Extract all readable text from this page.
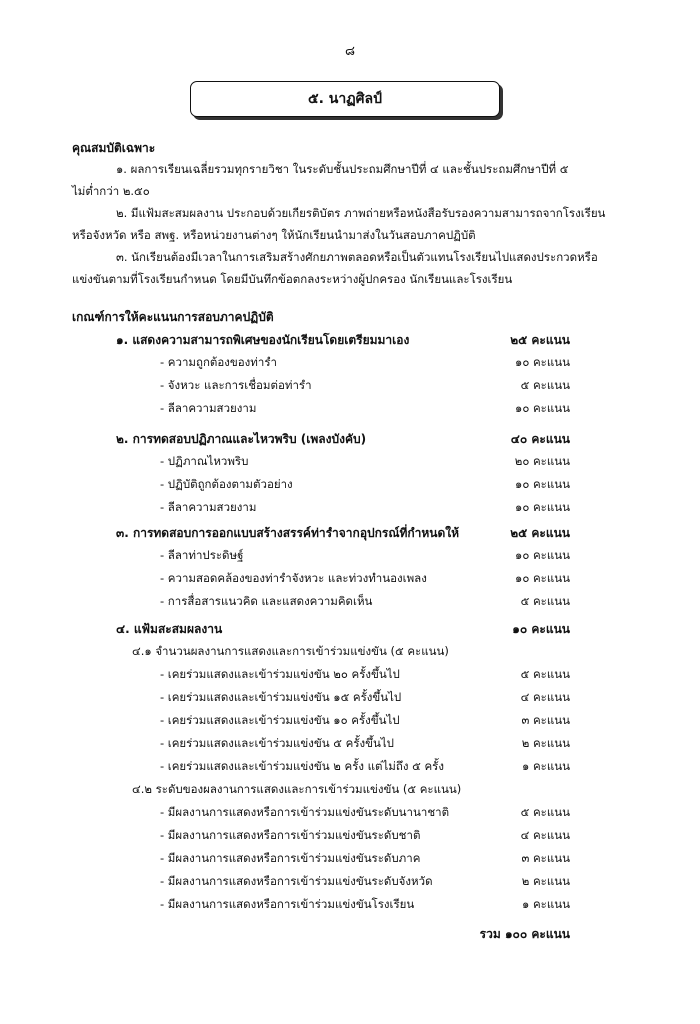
๘
๕. นาฏศิลป์
คุณสมบัติเฉพาะ
๑. ผลการเรียนเฉลี่ยรวมทุกรายวิชา ในระดับชั้นประถมศึกษาปีที่ ๔ และชั้นประถมศึกษาปีที่ ๕
ไม่ต่ำกว่า ๒.๕๐
๒. มีแฟ้มสะสมผลงาน ประกอบด้วยเกียรติบัตร ภาพถ่ายหรือหนังสือรับรองความสามารถจากโรงเรียน
หรือจังหวัด หรือ สพฐ. หรือหน่วยงานต่างๆ ให้นักเรียนนำมาส่งในวันสอบภาคปฏิบัติ
๓. นักเรียนต้องมีเวลาในการเสริมสร้างศักยภาพตลอดหรือเป็นตัวแทนโรงเรียนไปแสดงประกวดหรือ
แข่งขันตามที่โรงเรียนกำหนด โดยมีบันทึกข้อตกลงระหว่างผู้ปกครอง นักเรียนและโรงเรียน
เกณฑ์การให้คะแนนการสอบภาคปฏิบัติ
๑. แสดงความสามารถพิเศษของนักเรียนโดยเตรียมมาเอง	๒๕ คะแนน
- ความถูกต้องของท่ารำ	๑๐ คะแนน
- จังหวะ และการเชื่อมต่อท่ารำ	๕ คะแนน
- ลีลาความสวยงาม	๑๐ คะแนน
๒. การทดสอบปฏิภาณและไหวพริบ (เพลงบังคับ)	๔๐ คะแนน
- ปฏิภาณไหวพริบ	๒๐ คะแนน
- ปฏิบัติถูกต้องตามตัวอย่าง	๑๐ คะแนน
- ลีลาความสวยงาม	๑๐ คะแนน
๓. การทดสอบการออกแบบสร้างสรรค์ท่ารำจากอุปกรณ์ที่กำหนดให้	๒๕ คะแนน
- ลีลาท่าประดิษฐ์	๑๐ คะแนน
- ความสอดคล้องของท่ารำจังหวะ และท่วงทำนองเพลง	๑๐ คะแนน
- การสื่อสารแนวคิด และแสดงความคิดเห็น	๕ คะแนน
๔. แฟ้มสะสมผลงาน	๑๐ คะแนน
๔.๑ จำนวนผลงานการแสดงและการเข้าร่วมแข่งขัน (๕ คะแนน)
- เคยร่วมแสดงและเข้าร่วมแข่งขัน ๒๐ ครั้งขึ้นไป	๕ คะแนน
- เคยร่วมแสดงและเข้าร่วมแข่งขัน ๑๕ ครั้งขึ้นไป	๔ คะแนน
- เคยร่วมแสดงและเข้าร่วมแข่งขัน ๑๐ ครั้งขึ้นไป	๓ คะแนน
- เคยร่วมแสดงและเข้าร่วมแข่งขัน ๕ ครั้งขึ้นไป	๒ คะแนน
- เคยร่วมแสดงและเข้าร่วมแข่งขัน ๒ ครั้ง แต่ไม่ถึง ๕ ครั้ง	๑ คะแนน
๔.๒ ระดับของผลงานการแสดงและการเข้าร่วมแข่งขัน (๕ คะแนน)
- มีผลงานการแสดงหรือการเข้าร่วมแข่งขันระดับนานาชาติ	๕ คะแนน
- มีผลงานการแสดงหรือการเข้าร่วมแข่งขันระดับชาติ	๔ คะแนน
- มีผลงานการแสดงหรือการเข้าร่วมแข่งขันระดับภาค	๓ คะแนน
- มีผลงานการแสดงหรือการเข้าร่วมแข่งขันระดับจังหวัด	๒ คะแนน
- มีผลงานการแสดงหรือการเข้าร่วมแข่งขันโรงเรียน	๑ คะแนน
รวม ๑๐๐ คะแนน
